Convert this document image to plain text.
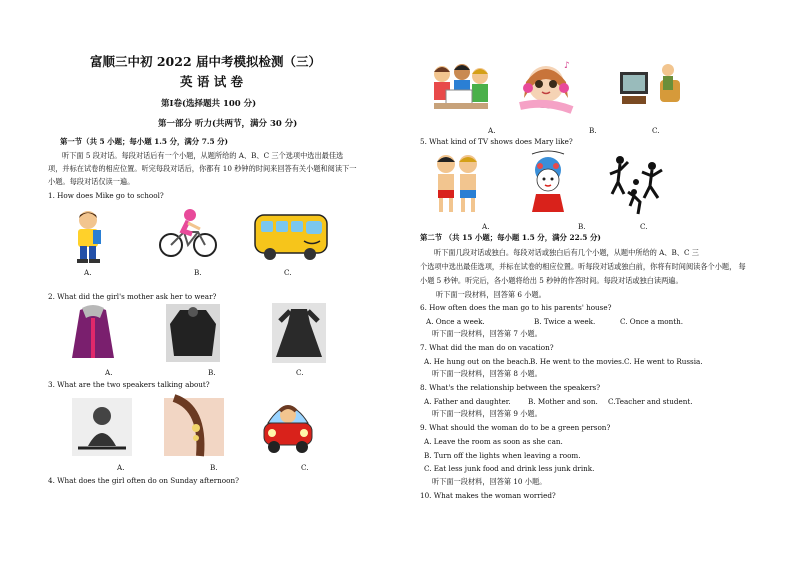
富顺三中初 2022 届中考模拟检测（三）
英 语 试 卷
第Ⅰ卷(选择题共 100 分)
第一部分 听力(共两节，满分 30 分)
第一节（共 5 小题；每小题 1.5 分，满分 7.5 分)
听下面 5 段对话。每段对话后有一个小题，从题所给的 A、B、C 三个选项中选出最佳选
项，并标在试卷的相应位置。听完每段对话后，你都有 10 秒钟的时间来回答有关小题和阅读下一
小题。每段对话仅读一遍。
1. How does Mike go to school?
A.	B.	C.
2. What did the girl's mother ask her to wear?
A.	B.	C.
3. What are the two speakers talking about?
A.	B.	C.
4. What does the girl often do on Sunday afternoon?
♪
A.	B.	C.
5. What kind of TV shows does Mary like?
A.	B.	C.
第二节 （共 15 小题；每小题 1.5 分，满分 22.5 分)
听下面几段对话或独白。每段对话或独白后有几个小题，从题中所给的 A、B、C 三
个选项中选出最佳选项，并标在试卷的相应位置。听每段对话或独白前，你将有时间阅读各个小题， 每
小题 5 秒钟。听完后，各小题将给出 5 秒钟的作答时间。每段对话或独白读两遍。
听下面一段材料，回答第 6 小题。
6. How often does the man go to his parents' house?
A. Once a week.	B. Twice a week.	C. Once a month.
听下面一段材料，回答第 7 小题。
7. What did the man do on vacation?
A. He hung out on the beach. B. He went to the movies. C. He went to Russia.
听下面一段材料，回答第 8 小题。
8. What's the relationship between the speakers?
A. Father and daughter. B. Mother and son. C.Teacher and student.
听下面一段材料，回答第 9 小题。
9. What should the woman do to be a green person?
A. Leave the room as soon as she can.
B. Turn off the lights when leaving a room.
C. Eat less junk food and drink less junk drink.
听下面一段材料，回答第 10 小题。
10. What makes the woman worried?
